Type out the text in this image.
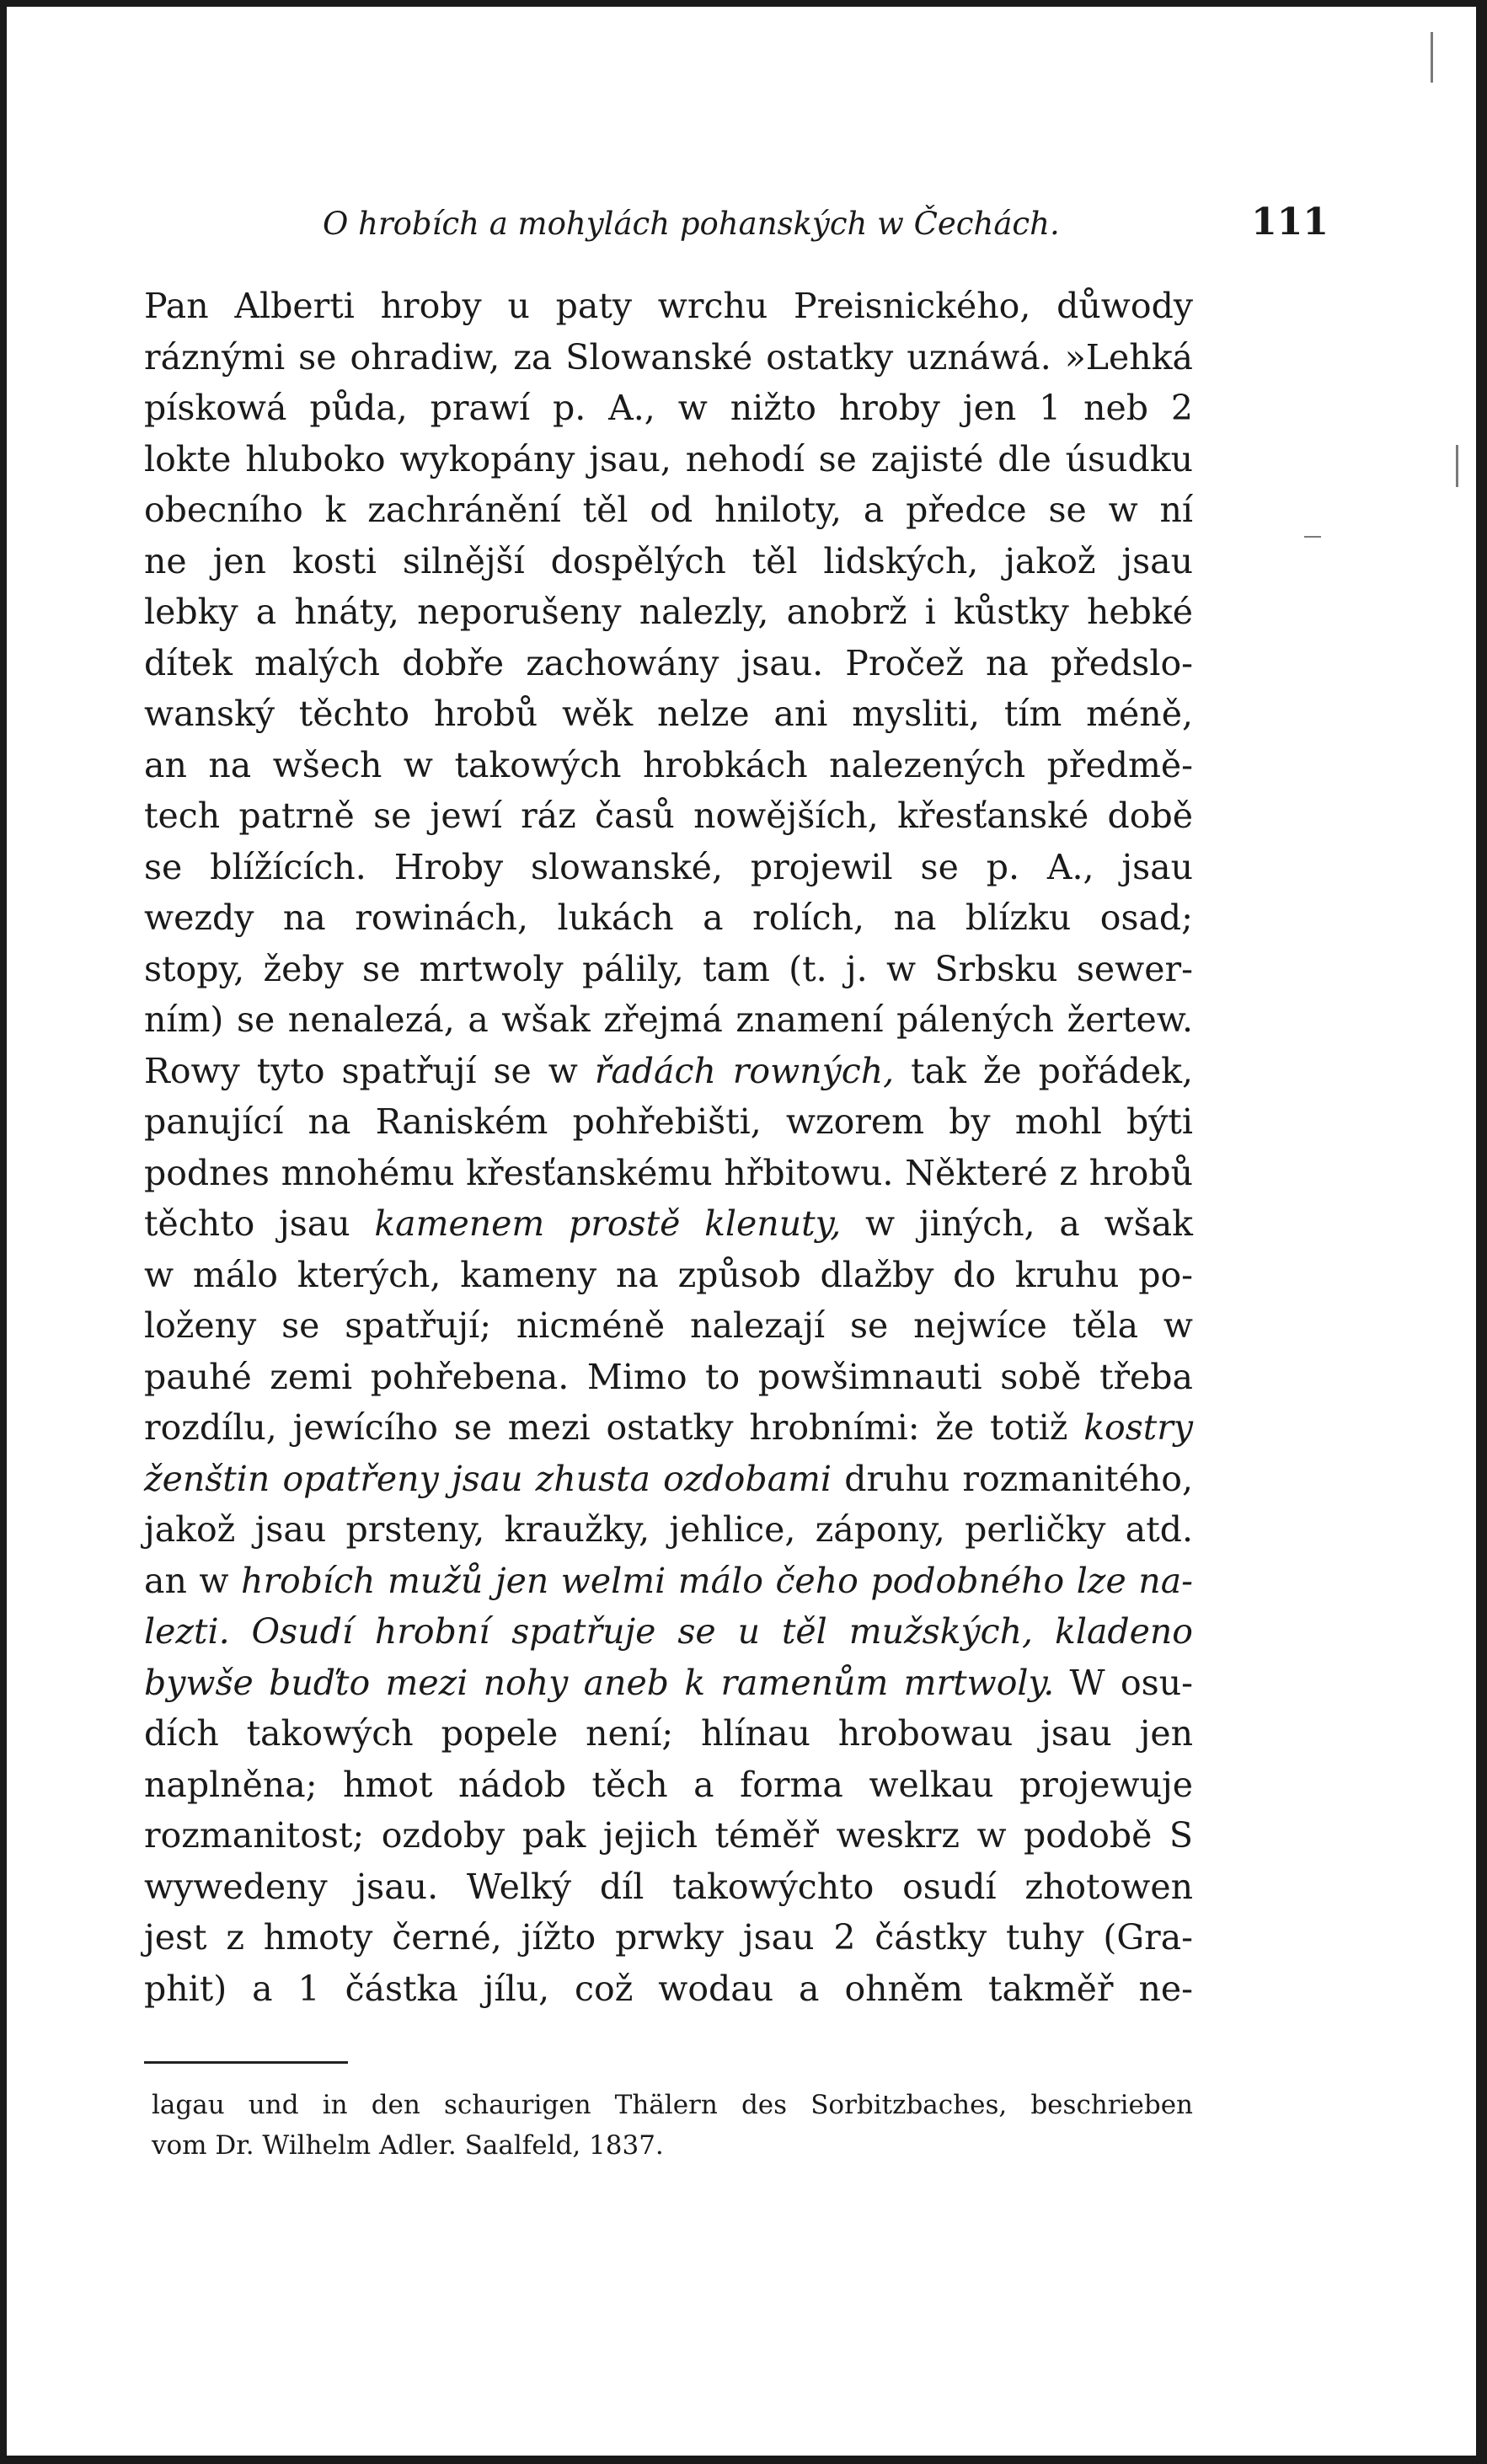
O hrobích a mohylách pohanských w Čechách.	111
Pan Alberti hroby u paty wrchu Preisnického, důwody
ráznými se ohradiw, za Slowanské ostatky uznáwá. »Lehká
pískowá půda, prawí p. A., w nižto hroby jen 1 neb 2
lokte hluboko wykopány jsau, nehodí se zajisté dle úsudku
obecního k zachránění těl od hniloty, a předce se w ní
ne jen kosti silnější dospělých těl lidských, jakož jsau
lebky a hnáty, neporušeny nalezly, anobrž i kůstky hebké
dítek malých dobře zachowány jsau. Pročež na předslo-
wanský těchto hrobů wěk nelze ani mysliti, tím méně,
an na wšech w takowých hrobkách nalezených předmě-
tech patrně se jewí ráz časů nowějších, křesťanské době
se blížících. Hroby slowanské, projewil se p. A., jsau
wezdy na rowinách, lukách a rolích, na blízku osad;
stopy, žeby se mrtwoly pálily, tam (t. j. w Srbsku sewer-
ním) se nenalezá, a wšak zřejmá znamení pálených žertew.
Rowy tyto spatřují se w řadách rowných, tak že pořádek,
panující na Raniském pohřebišti, wzorem by mohl býti
podnes mnohému křesťanskému hřbitowu. Některé z hrobů
těchto jsau kamenem prostě klenuty, w jiných, a wšak
w málo kterých, kameny na způsob dlažby do kruhu po-
loženy se spatřují; nicméně nalezají se nejwíce těla w
pauhé zemi pohřebena. Mimo to powšimnauti sobě třeba
rozdílu, jewícího se mezi ostatky hrobními: že totiž kostry
ženštin opatřeny jsau zhusta ozdobami druhu rozmanitého,
jakož jsau prsteny, kraužky, jehlice, zápony, perličky atd.
an w hrobích mužů jen welmi málo čeho podobného lze na-
lezti. Osudí hrobní spatřuje se u těl mužských, kladeno
bywše buďto mezi nohy aneb k ramenům mrtwoly. W osu-
dích takowých popele není; hlínau hrobowau jsau jen
naplněna; hmot nádob těch a forma welkau projewuje
rozmanitost; ozdoby pak jejich téměř weskrz w podobě S
wywedeny jsau. Welký díl takowýchto osudí zhotowen
jest z hmoty černé, jížto prwky jsau 2 částky tuhy (Gra-
phit) a 1 částka jílu, což wodau a ohněm takměř ne-
lagau und in den schaurigen Thälern des Sorbitzbaches, beschrieben
vom Dr. Wilhelm Adler. Saalfeld, 1837.
